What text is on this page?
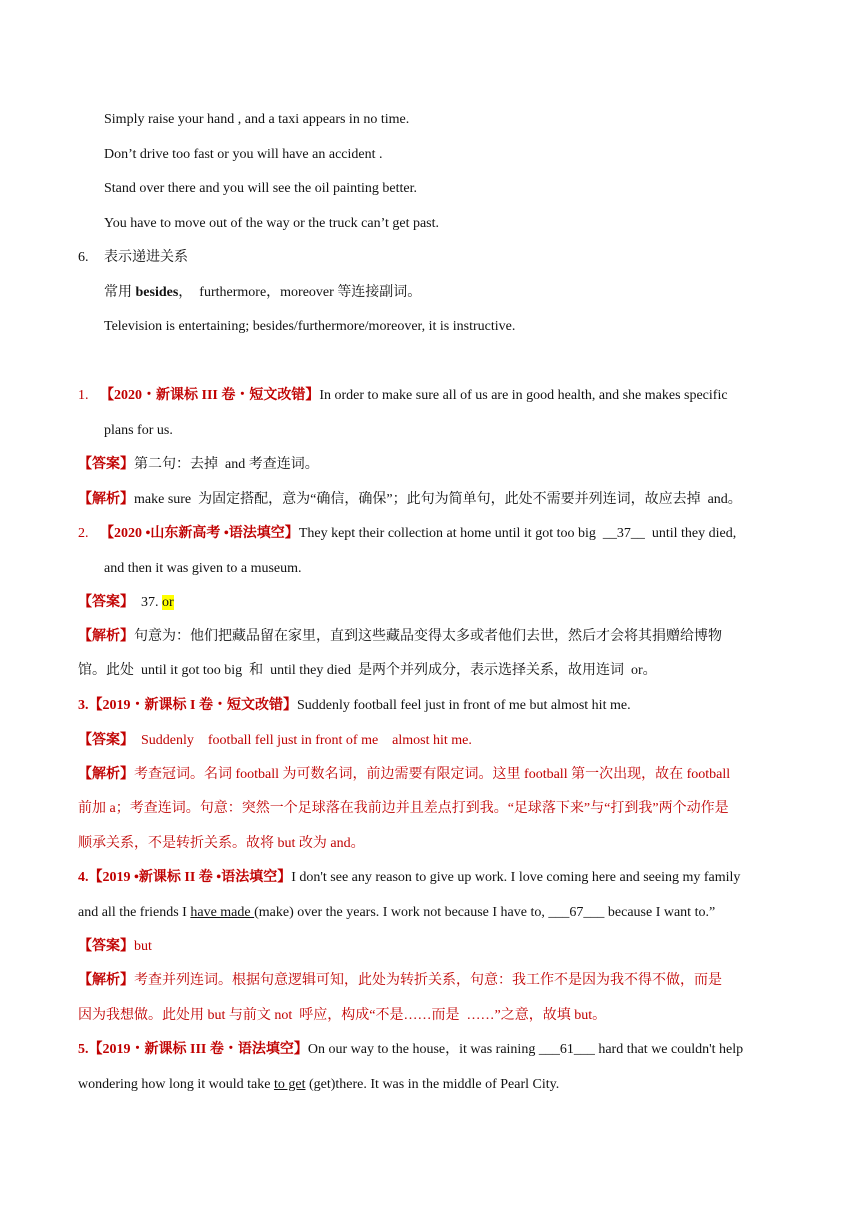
Simply raise your hand , and a taxi appears in no time.
Don’t drive too fast or you will have an accident .
Stand over there and you will see the oil painting better.
You have to move out of the way or the truck can’t get past.
6. 表示递进关系
常用 besides，  furthermore，moreover 等连接副词。
Television is entertaining; besides/furthermore/moreover, it is instructive.
1. 【2020・新课标 III 卷・短文改错】In order to make sure all of us are in good health, and she makes specific
plans for us.
【答案】第二句：去掉  and 考查连词。
【解析】make sure  为固定搭配，意为“确信，确保”；此句为简单句，此处不需要并列连词，故应去掉  and。
2. 【2020 •山东新高考 •语法填空】They kept their collection at home until it got too big  __37__  until they died,
and then it was given to a museum.
【答案】 37. or
【解析】句意为：他们把藏品留在家里，直到这些藏品变得太多或者他们去世，然后才会将其捐赠给博物
馆。此处  until it got too big  和  until they died  是两个并列成分，表示选择关系，故用连词  or。
3.【2019・新课标 I 卷・短文改错】Suddenly football feel just in front of me but almost hit me.
【答案】 Suddenly    football fell just in front of me    almost hit me.
【解析】考查冠词。名词 football 为可数名词，前边需要有限定词。这里 football 第一次出现，故在 football
前加 a；考查连词。句意：突然一个足球落在我前边并且差点打到我。“足球落下来”与“打到我”两个动作是
顺承关系，不是转折关系。故将 but 改为 and。
4.【2019 •新课标 II 卷 •语法填空】I don't see any reason to give up work. I love coming here and seeing my family
and all the friends I have made (make) over the years. I work not because I have to, ___67___ because I want to.”
【答案】but
【解析】考查并列连词。根据句意逻辑可知，此处为转折关系，句意：我工作不是因为我不得不做，而是
因为我想做。此处用 but 与前文 not  呼应，构成“不是……而是  ……”之意，故填 but。
5.【2019・新课标 III 卷・语法填空】On our way to the house，it was raining ___61___ hard that we couldn't help
wondering how long it would take to get (get)there. It was in the middle of Pearl City.
